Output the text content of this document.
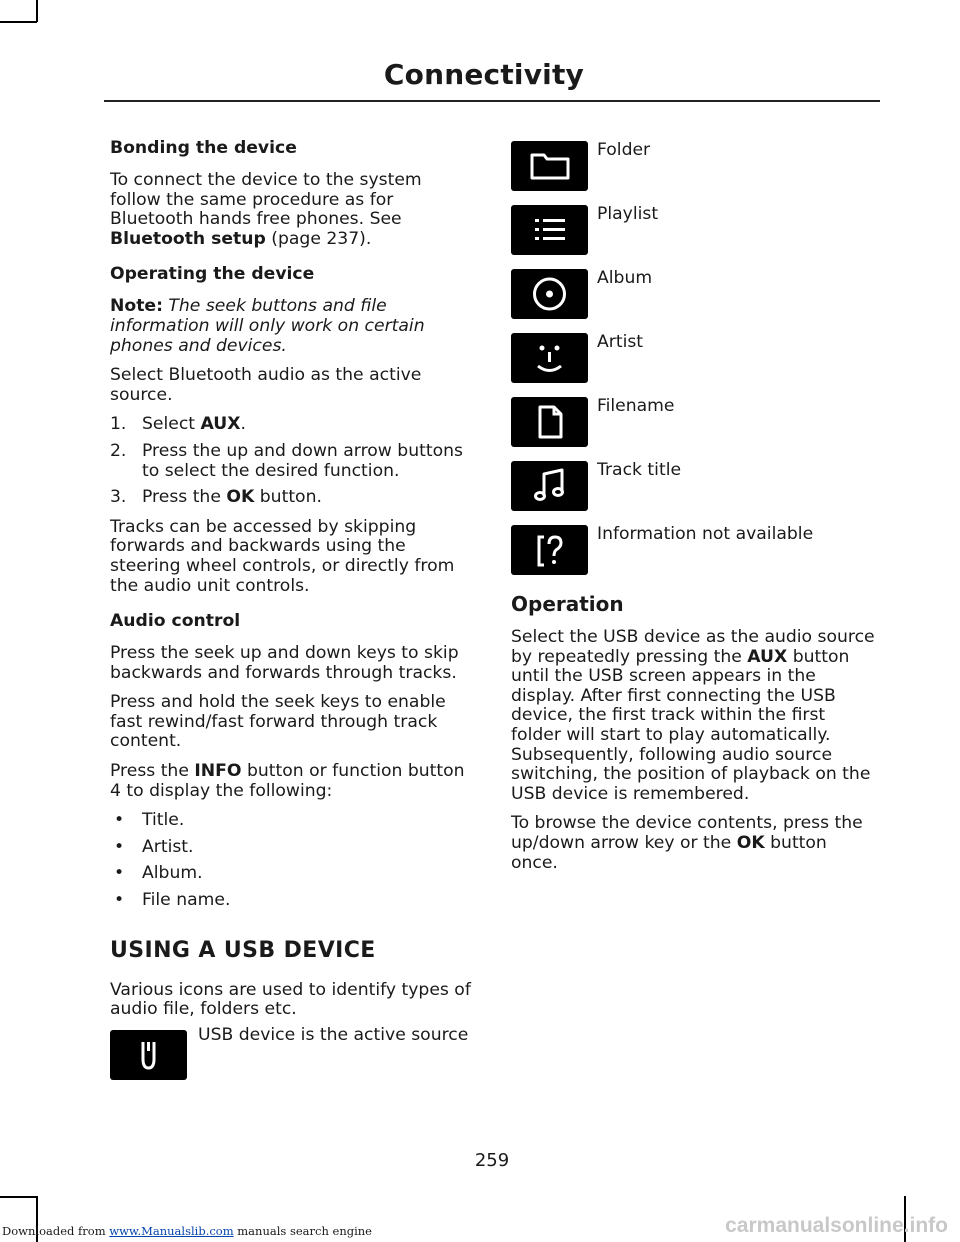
Connectivity
Bonding the device

To connect the device to the system follow the same procedure as for Bluetooth hands free phones. See Bluetooth setup (page 237).

Operating the device

Note: The seek buttons and file information will only work on certain phones and devices.

Select Bluetooth audio as the active source.

1. Select AUX.
2. Press the up and down arrow buttons to select the desired function.
3. Press the OK button.

Tracks can be accessed by skipping forwards and backwards using the steering wheel controls, or directly from the audio unit controls.

Audio control

Press the seek up and down keys to skip backwards and forwards through tracks.

Press and hold the seek keys to enable fast rewind/fast forward through track content.

Press the INFO button or function button 4 to display the following:

• Title.
• Artist.
• Album.
• File name.
USING A USB DEVICE

Various icons are used to identify types of audio file, folders etc.

USB device is the active source
Folder
Playlist
Album
Artist
Filename
Track title
Information not available
Operation

Select the USB device as the audio source by repeatedly pressing the AUX button until the USB screen appears in the display. After first connecting the USB device, the first track within the first folder will start to play automatically. Subsequently, following audio source switching, the position of playback on the USB device is remembered.

To browse the device contents, press the up/down arrow key or the OK button once.

259
Downloaded from www.Manualslib.com manuals search engine	carmanualsonline.info
